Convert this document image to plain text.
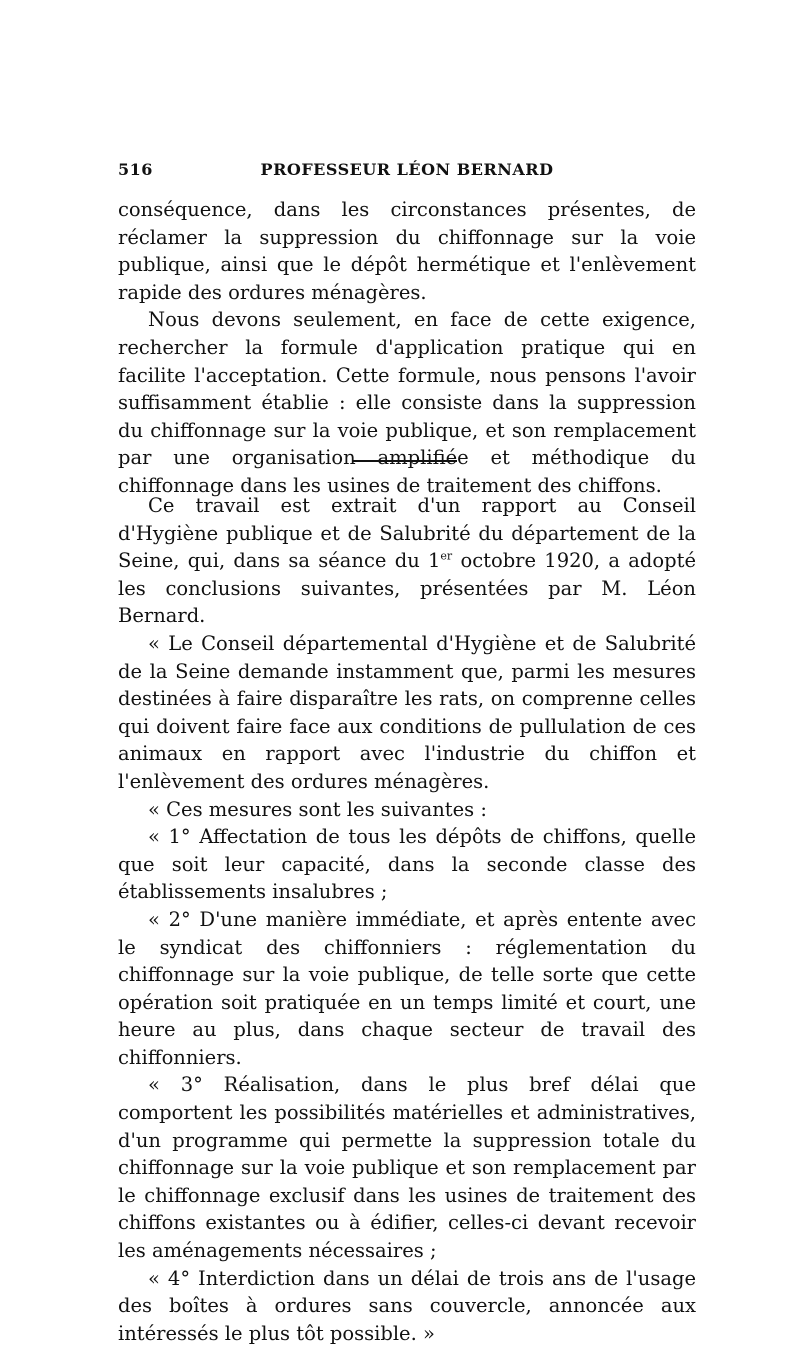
516	PROFESSEUR LÉON BERNARD

conséquence, dans les circonstances présentes, de réclamer la suppression du chiffonnage sur la voie publique, ainsi que le dépôt hermétique et l'enlèvement rapide des ordures ménagères.

Nous devons seulement, en face de cette exigence, rechercher la formule d'application pratique qui en facilite l'acceptation. Cette formule, nous pensons l'avoir suffisamment établie : elle consiste dans la suppression du chiffonnage sur la voie publique, et son remplacement par une organisation amplifiée et méthodique du chiffonnage dans les usines de traitement des chiffons.

Ce travail est extrait d'un rapport au Conseil d'Hygiène publique et de Salubrité du département de la Seine, qui, dans sa séance du 1er octobre 1920, a adopté les conclusions suivantes, présentées par M. Léon Bernard.

« Le Conseil départemental d'Hygiène et de Salubrité de la Seine demande instamment que, parmi les mesures destinées à faire disparaître les rats, on comprenne celles qui doivent faire face aux conditions de pullulation de ces animaux en rapport avec l'industrie du chiffon et l'enlèvement des ordures ménagères.

« Ces mesures sont les suivantes :

« 1° Affectation de tous les dépôts de chiffons, quelle que soit leur capacité, dans la seconde classe des établissements insalubres ;

« 2° D'une manière immédiate, et après entente avec le syndicat des chiffonniers : réglementation du chiffonnage sur la voie publique, de telle sorte que cette opération soit pratiquée en un temps limité et court, une heure au plus, dans chaque secteur de travail des chiffonniers.

« 3° Réalisation, dans le plus bref délai que comportent les possibilités matérielles et administratives, d'un programme qui permette la suppression totale du chiffonnage sur la voie publique et son remplacement par le chiffonnage exclusif dans les usines de traitement des chiffons existantes ou à édifier, celles-ci devant recevoir les aménagements nécessaires ;

« 4° Interdiction dans un délai de trois ans de l'usage des boîtes à ordures sans couvercle, annoncée aux intéressés le plus tôt possible. »
